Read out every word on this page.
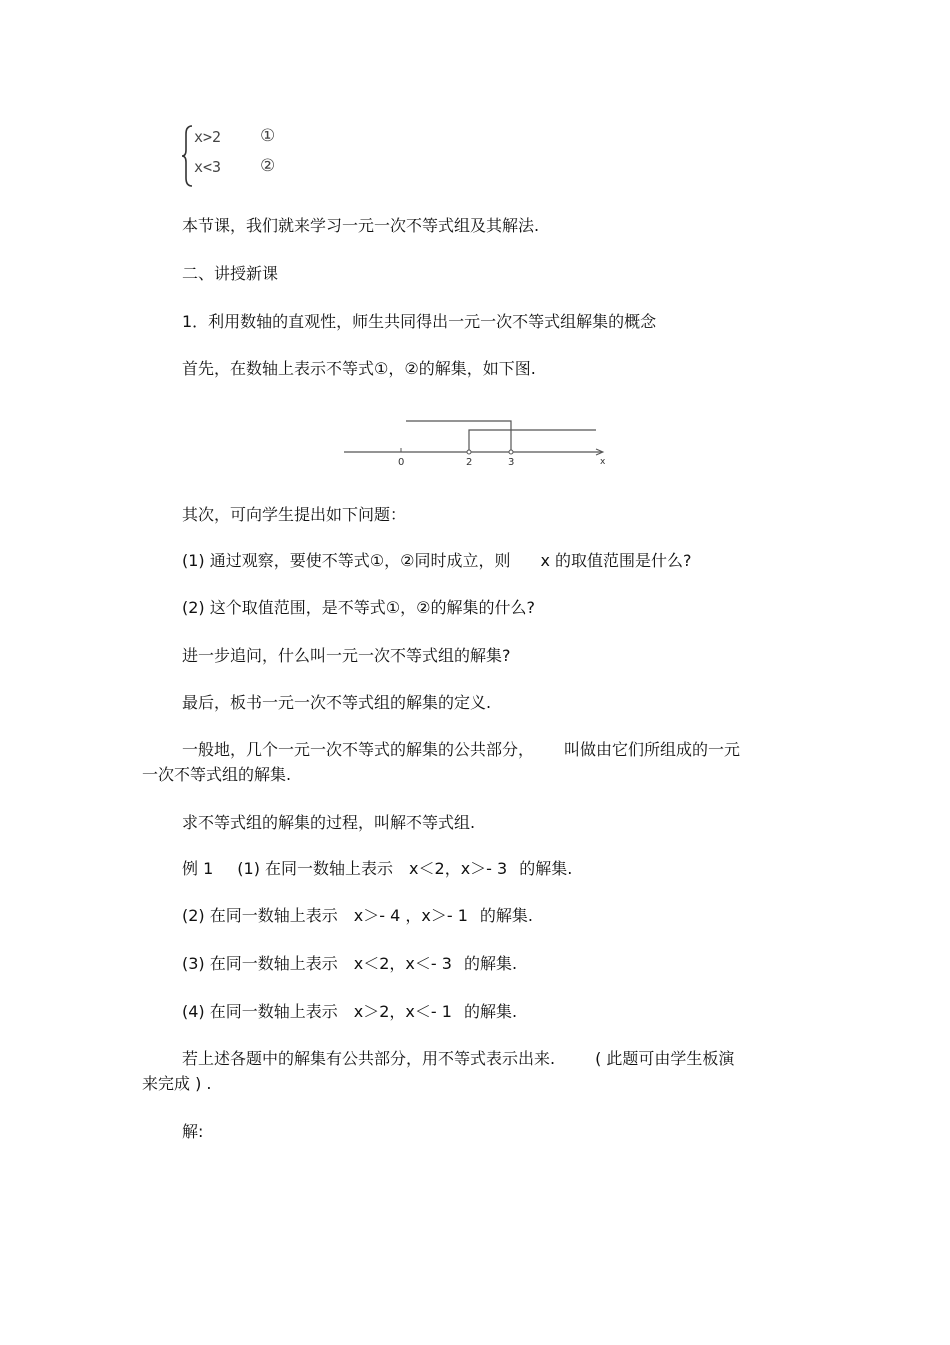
x>2 ①
x<3 ②
本节课，我们就来学习一元一次不等式组及其解法.
二、讲授新课
1．利用数轴的直观性，师生共同得出一元一次不等式组解集的概念
首先，在数轴上表示不等式①，②的解集，如下图.
0	2	3	x
其次，可向学生提出如下问题：
(1) 通过观察，要使不等式①，②同时成立，则 x 的取值范围是什么?
(2) 这个取值范围，是不等式①，②的解集的什么?
进一步追问，什么叫一元一次不等式组的解集?
最后，板书一元一次不等式组的解集的定义.
一般地，几个一元一次不等式的解集的公共部分， 叫做由它们所组成的一元
一次不等式组的解集.
求不等式组的解集的过程，叫解不等式组.
例 1 (1) 在同一数轴上表示 x＜2，x＞- 3 的解集.
(2) 在同一数轴上表示 x＞- 4 ，x＞- 1 的解集.
(3) 在同一数轴上表示 x＜2，x＜- 3 的解集.
(4) 在同一数轴上表示 x＞2，x＜- 1 的解集.
若上述各题中的解集有公共部分，用不等式表示出来.	( 此题可由学生板演
来完成 ) .
解:
